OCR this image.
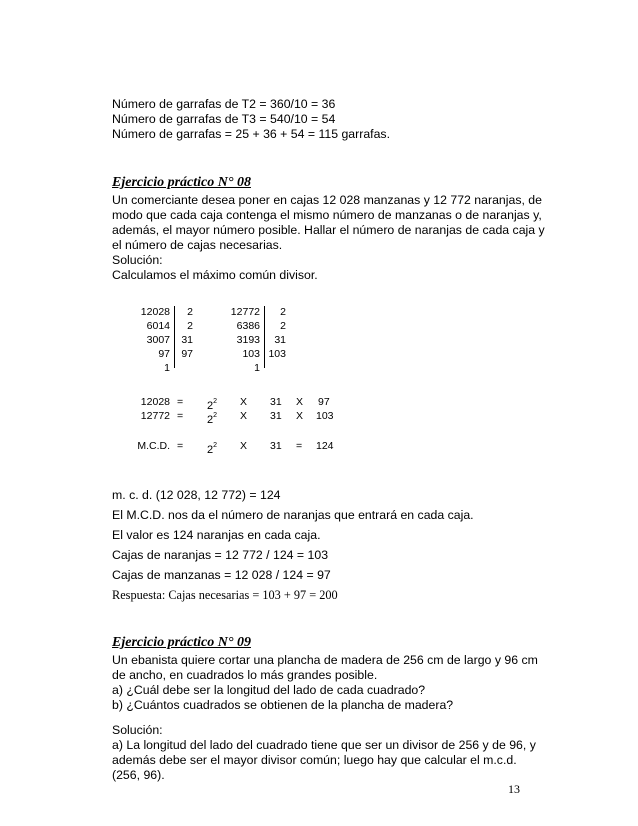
Número de garrafas de T2 = 360/10 = 36
Número de garrafas de T3 = 540/10 = 54
Número de garrafas = 25 + 36 + 54 = 115 garrafas.
Ejercicio práctico N° 08
Un comerciante desea poner en cajas 12 028 manzanas y 12 772 naranjas, de
modo que cada caja contenga el mismo número de manzanas o de naranjas y,
además, el mayor número posible. Hallar el número de naranjas de cada caja y
el número de cajas necesarias.
Solución:
Calculamos el máximo común divisor.
12028
6014
3007
97
1
2
2
31
97
12772
6386
3193
103
1
2
2
31
103
$12028 = 2^2$ X 31 X 97
$12772 = 2^2$ X 31 X 103
M.C.D. = $2^2$ X 31 = 124
m. c. d. (12 028, 12 772) = 124
El M.C.D. nos da el número de naranjas que entrará en cada caja.
El valor es 124 naranjas en cada caja.
Cajas de naranjas = 12 772 / 124 = 103
Cajas de manzanas = 12 028 / 124 = 97
Respuesta: Cajas necesarias = 103 + 97 = 200
Ejercicio práctico N° 09
Un ebanista quiere cortar una plancha de madera de 256 cm de largo y 96 cm
de ancho, en cuadrados lo más grandes posible.
a) ¿Cuál debe ser la longitud del lado de cada cuadrado?
b) ¿Cuántos cuadrados se obtienen de la plancha de madera?
Solución:
a) La longitud del lado del cuadrado tiene que ser un divisor de 256 y de 96, y
además debe ser el mayor divisor común; luego hay que calcular el m.c.d.
(256, 96).
13
